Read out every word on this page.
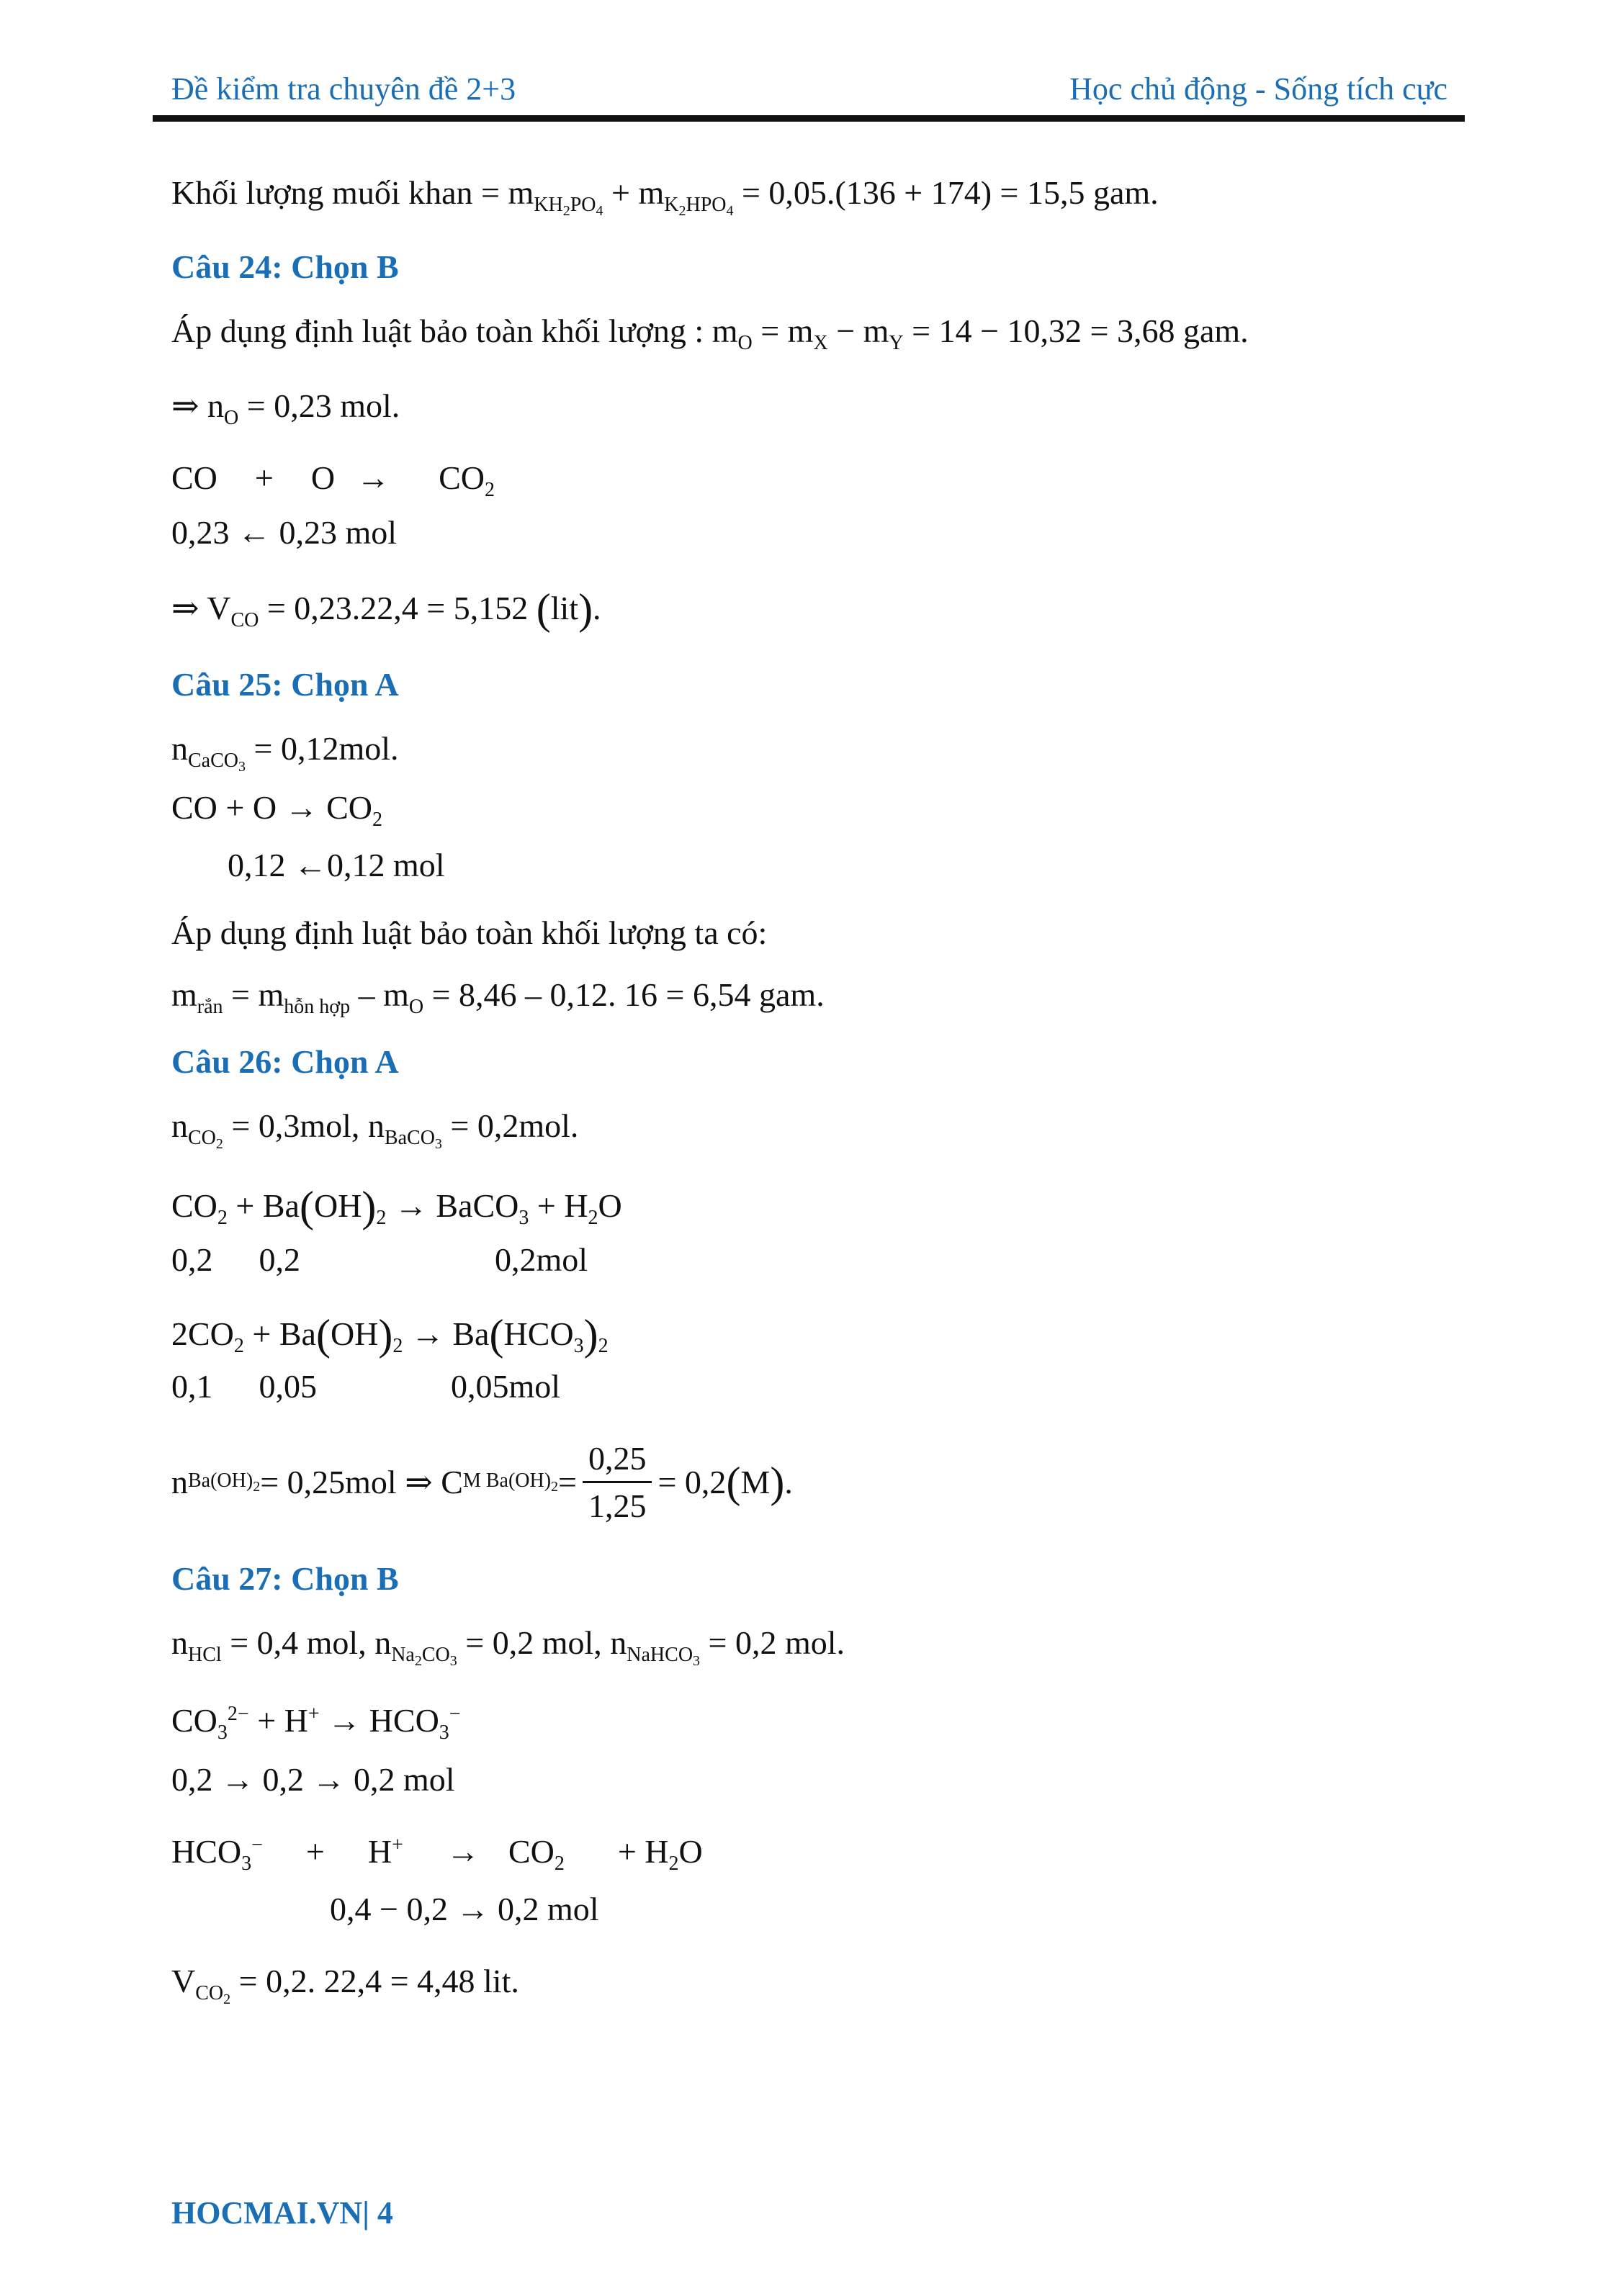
Đề kiểm tra chuyên đề 2+3	Học chủ động - Sống tích cực
Khối lượng muối khan = $m_{KH_2PO_4} + m_{K_2HPO_4} = 0,05.(136 + 174) = 15,5$ gam.
Câu 24: Chọn B
Áp dụng định luật bảo toàn khối lượng : $m_O = m_X - m_Y = 14 - 10,32 = 3,68$ gam.
⇒ $n_O = 0,23$ mol.
CO + $O \to CO_2$
0,23 ← 0,23 mol
⇒ $V_{CO} = 0,23.22,4 = 5,152$ (lit).
Câu 25: Chọn A
$n_{CaCO_3} = 0,12mol$.
CO + $O \to CO_2$
0,12 ←0,12 mol
Áp dụng định luật bảo toàn khối lượng ta có:
$m_{rắn} = m_{hỗn hợp} - m_O = 8,46 - 0,12$. 16 = 6,54 gam.
Câu 26: Chọn A
$n_{CO_2} = 0,3mol$, $n_{BaCO_3} = 0,2mol$.
$CO_2 + Ba(OH)_2$ → BaCO$_3$ + $H_2O$
0,2 0,2	0,2mol
$2CO_2 + Ba(OH)_2 \to Ba(HCO_3)_2$
0,1 0,05	0,05mol
n $Ba(OH)_2 = 0,25mol$ ⇒ C M $Ba(OH)_2 = \frac{0,25}{1,25} = 0,2$ ( M ) .
Câu 27: Chọn B
$n_{HCl} = 0,4$ mol, $n_{Na_2CO_3} = 0,2$ mol, $n_{NaHCO_3} = 0,2$ mol.
$CO_3^{2-} + H^+ \to HCO_3^-$
0,2 → 0,2 → 0,2 mol
$HCO_3^- + H^+ \to CO_2 + H_2O$
0,4 − 0,2 → 0,2 mol
$V_{CO_2} = 0,2$. 22,4 = 4,48 lit.
HOCMAI.VN| 4
